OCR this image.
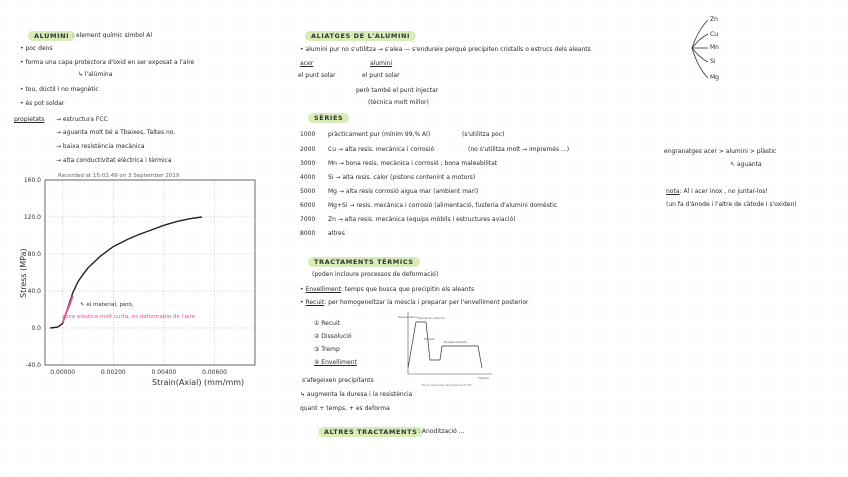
ALUMINI : element químic símbol Al
• poc dens
• forma una capa protectora d'òxid en ser exposat a l'aire
↳ l'alúmina
• tou, dúctil i no magnètic
• és pot soldar
propietats → estructura FCC
→ aguanta molt bé a Tbaixes, Taltes no.
→ baixa resistència mecànica
→ alta conductivitat elèctrica i tèrmica
Recorded at 15:02:49 on 3 September 2019
-40.0
0.0
40.0
80.0
120.0
160.0
0.00000	0.00200	0.00400	0.00600
Stress (MPa)
Strain(Axial) (mm/mm)
↖ el material, però,
zona elàstica molt curta, és deformable de l'aire
ALIATGES DE L'ALUMINI
• alumini pur no s'utilitza → s'alea — s'endureix perquè precipiten cristalls o estrucs dels aleants
acer
el punt solar
alumini
el punt solar
però també el punt injectar
(tècnica molt millor)
Zn
Cu
Mn
Si
Mg
SÈRIES
1000 pràcticament pur (mínim 99,% Al)	(s'utilitza poc)
2000 Cu → alta resis. mecànica i corrosió	(no s'utilitza molt → impremés ...)
3000 Mn → bona resis. mecànica i corrosió ; bona maleabilitat
4000 Si → alta resis. calor (pistons contenint a motors)
5000 Mg → alta resis corrosió aigua mar (ambient marí)
6000 Mg+Si → resis. mecànica i corrosió (alimentació, fusteria d'alumini domèstic
7000 Zn → alta resis. mecànica (equips mòbils i estructures aviació)
8000 altres
TRACTAMENTS TÈRMICS
(poden incloure processos de deformació)
• Envelliment: temps que busca que precipitin els aleants
• Recuit: per homogeneïtzar la mescla i preparar per l'envelliment posterior
① Recuit
② Dissolució
③ Tremp
④ Envelliment
Temperatura Recuit en solución
Temple
Envejecimiento
Tiempo
Fig 6. Diagrama del tratamiento TH
s'afegeixen precipitants
↳ augmenta la duresa i la resistència
quant + temps, + es deforma
ALTRES TRACTAMENTS : Anodització ...
engranatges acer > alumini > plàstic
↖ aguanta
nota: Al i acer inox , no juntar-los!
(un fa d'ànode i l'altre de càtode i s'oxiden)
